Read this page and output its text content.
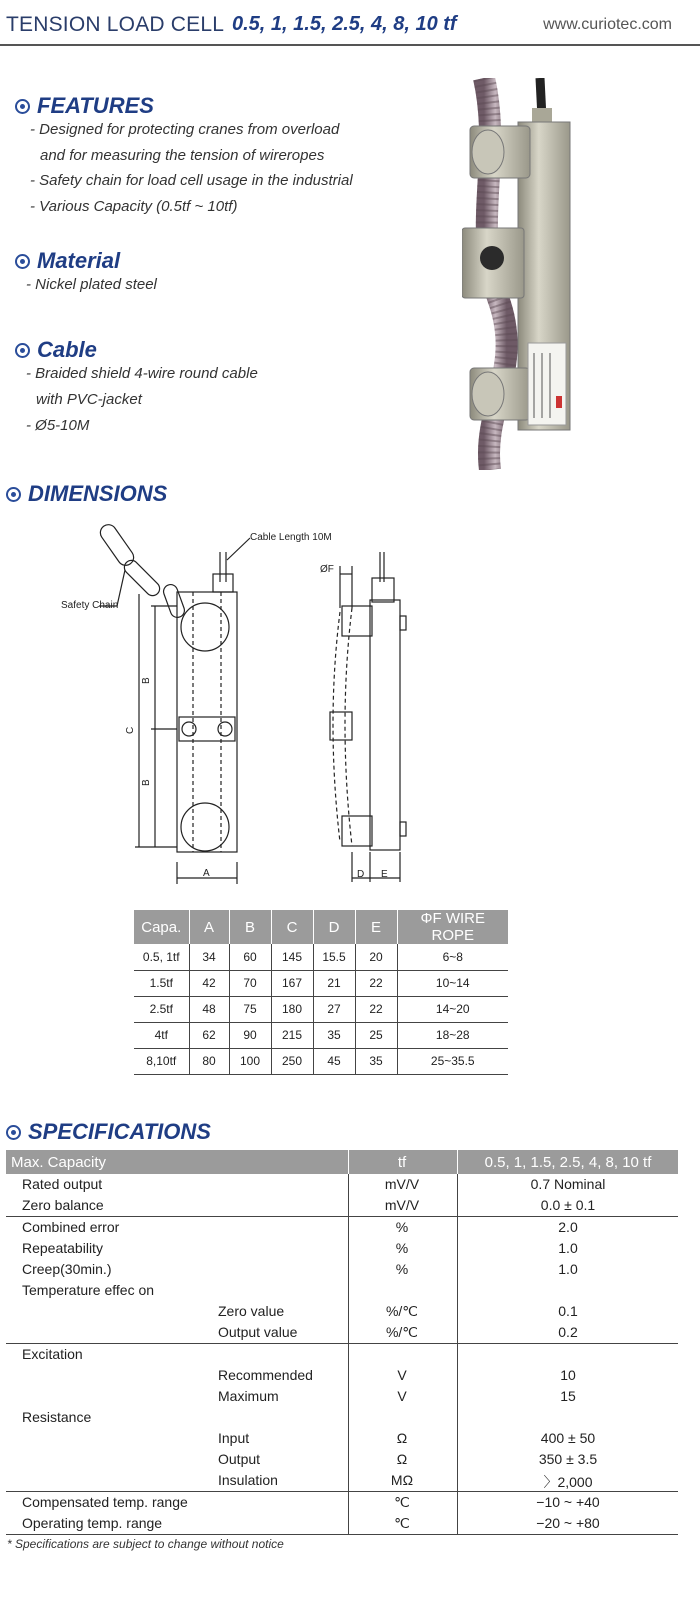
TENSION LOAD CELL 0.5, 1, 1.5, 2.5, 4, 8, 10 tf	www.curiotec.com
FEATURES
- Designed for protecting cranes from overload
and for measuring the tension of wireropes
- Safety chain for load cell usage in the industrial
- Various Capacity (0.5tf ~ 10tf)
Material
- Nickel plated steel
Cable
- Braided shield 4-wire round cable
with PVC-jacket
- Ø5-10M
DIMENSIONS
Cable Length 10M
Safety Chain
B
B
C
A
ØF
D E
Capa.	A	B	C	D	E	ΦF WIRE ROPE
0.5, 1tf	34	60	145	15.5	20	6~8
1.5tf	42	70	167	21	22	10~14
2.5tf	48	75	180	27	22	14~20
4tf	62	90	215	35	25	18~28
8,10tf	80	100	250	45	35	25~35.5
SPECIFICATIONS
Max. Capacity	tf	0.5, 1, 1.5, 2.5, 4, 8, 10 tf
Rated output	mV/V	0.7 Nominal
Zero balance	mV/V	0.0 ± 0.1
Combined error	%	2.0
Repeatability	%	1.0
Creep(30min.)	%	1.0
Temperature effec on
Zero value	%/℃	0.1
Output value	%/℃	0.2
Excitation
Recommended	V	10
Maximum	V	15
Resistance
Input	Ω	400 ± 50
Output	Ω	350 ± 3.5
Insulation	MΩ	〉2,000
Compensated temp. range	℃	−10 ~ +40
Operating temp. range	℃	−20 ~ +80
* Specifications are subject to change without notice
